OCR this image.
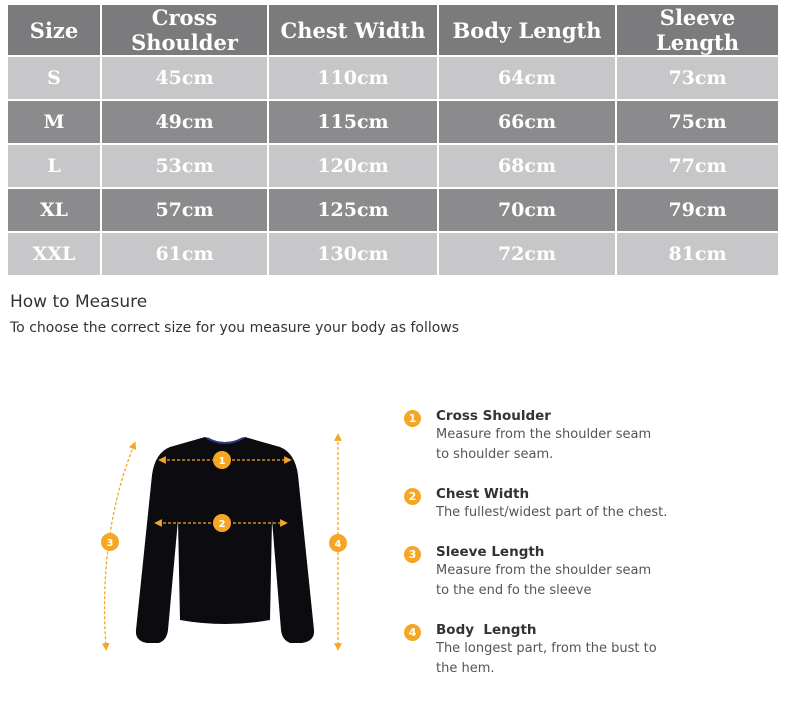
Size	Cross Shoulder	Chest Width	Body Length	Sleeve Length
S	45cm	110cm	64cm	73cm
M	49cm	115cm	66cm	75cm
L	53cm	120cm	68cm	77cm
XL	57cm	125cm	70cm	79cm
XXL	61cm	130cm	72cm	81cm
How to Measure
To choose the correct size for you measure your body as follows
1
2
3	4
1	Cross Shoulder
Measure from the shoulder seam
to shoulder seam.
2	Chest Width
The fullest/widest part of the chest.
3	Sleeve Length
Measure from the shoulder seam
to the end fo the sleeve
4	Body  Length
The longest part, from the bust to
the hem.
